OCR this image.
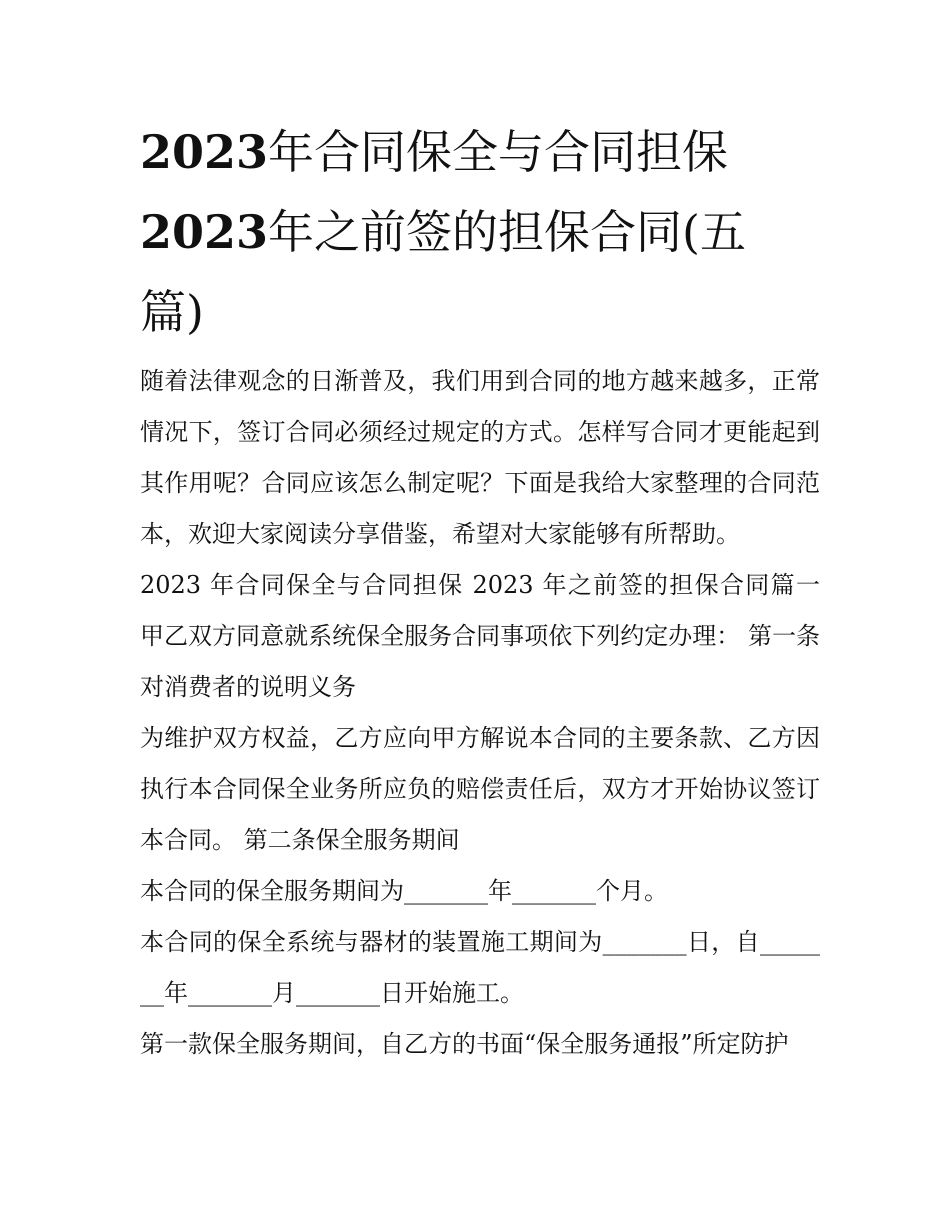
2023年合同保全与合同担保
2023年之前签的担保合同(五
篇)

随着法律观念的日渐普及，我们用到合同的地方越来越多，正常情况下，签订合同必须经过规定的方式。怎样写合同才更能起到其作用呢？合同应该怎么制定呢？下面是我给大家整理的合同范本，欢迎大家阅读分享借鉴，希望对大家能够有所帮助。

2023 年合同保全与合同担保 2023 年之前签的担保合同篇一 甲乙双方同意就系统保全服务合同事项依下列约定办理： 第一条对消费者的说明义务

为维护双方权益，乙方应向甲方解说本合同的主要条款、乙方因执行本合同保全业务所应负的赔偿责任后，双方才开始协议签订本合同。 第二条保全服务期间

本合同的保全服务期间为_______年_______个月。

本合同的保全系统与器材的装置施工期间为_______日，自_______年_______月_______日开始施工。

第一款保全服务期间，自乙方的书面“保全服务通报”所定防护
